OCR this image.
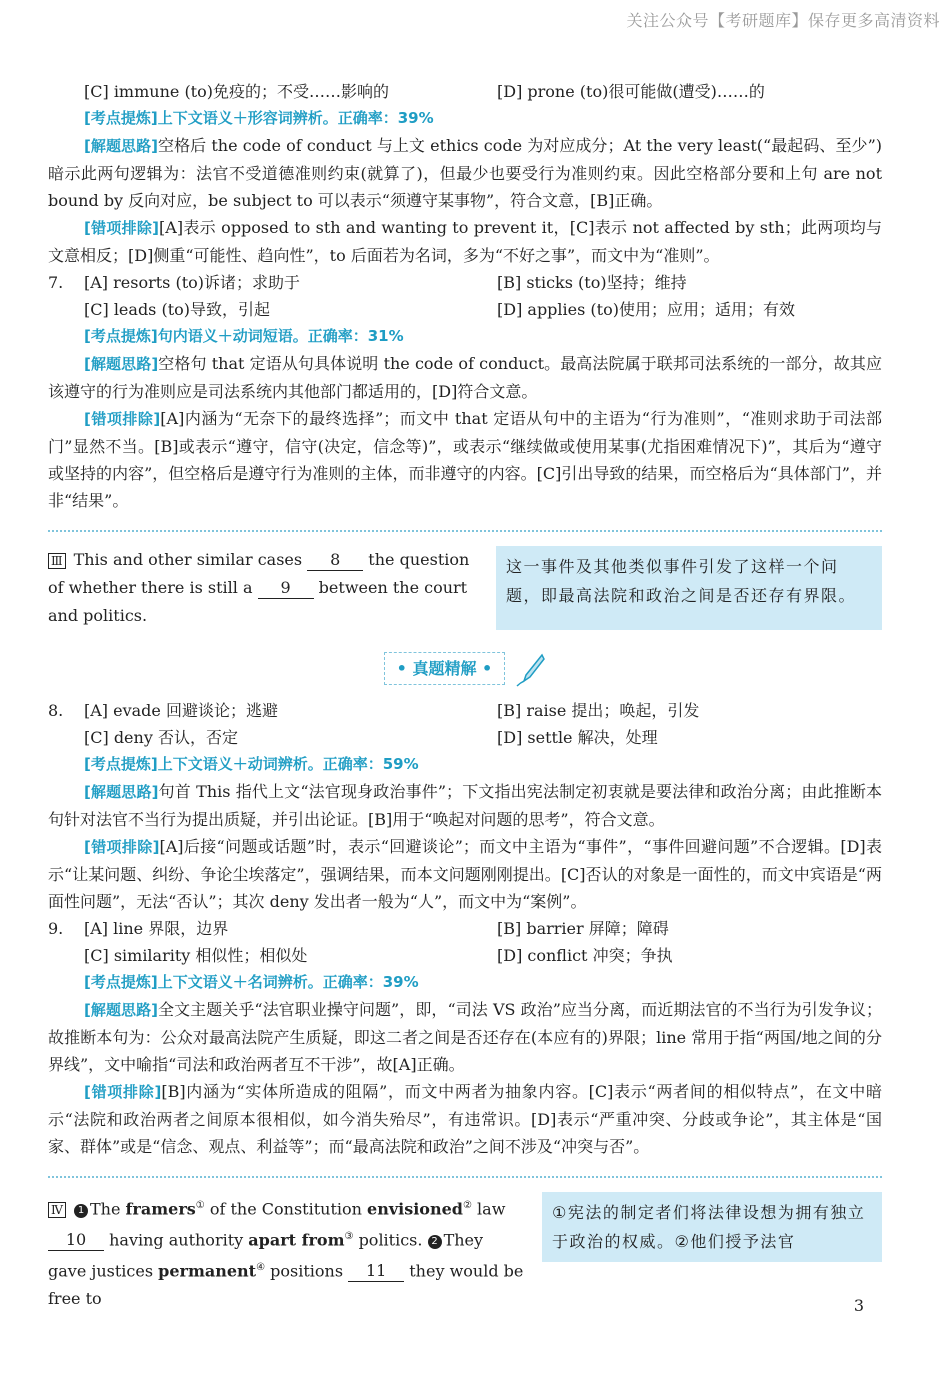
关注公众号【考研题库】保存更多高清资料
[C] immune (to)免疫的；不受……影响的	[D] prone (to)很可能做(遭受)……的
[考点提炼]上下文语义＋形容词辨析。正确率：39%
[解题思路]空格后 the code of conduct 与上文 ethics code 为对应成分；At the very least(“最起码、至少”)暗示此两句逻辑为：法官不受道德准则约束(就算了)，但最少也要受行为准则约束。因此空格部分要和上句 are not bound by 反向对应，be subject to 可以表示“须遵守某事物”，符合文意，[B]正确。
[错项排除][A]表示 opposed to sth and wanting to prevent it，[C]表示 not affected by sth；此两项均与文意相反；[D]侧重“可能性、趋向性”，to 后面若为名词，多为“不好之事”，而文中为“准则”。
7.	[A] resorts (to)诉诸；求助于	[B] sticks (to)坚持；维持
[C] leads (to)导致，引起	[D] applies (to)使用；应用；适用；有效
[考点提炼]句内语义＋动词短语。正确率：31%
[解题思路]空格句 that 定语从句具体说明 the code of conduct。最高法院属于联邦司法系统的一部分，故其应该遵守的行为准则应是司法系统内其他部门都适用的，[D]符合文意。
[错项排除][A]内涵为“无奈下的最终选择”；而文中 that 定语从句中的主语为“行为准则”，“准则求助于司法部门”显然不当。[B]或表示“遵守，信守(决定，信念等)”，或表示“继续做或使用某事(尤指困难情况下)”，其后为“遵守或坚持的内容”，但空格后是遵守行为准则的主体，而非遵守的内容。[C]引出导致的结果，而空格后为“具体部门”，并非“结果”。
Ⅲ This and other similar cases 8 the question of whether there is still a 9 between the court and politics.
这一事件及其他类似事件引发了这样一个问题，即最高法院和政治之间是否还存有界限。
• 真题精解 •
8.	[A] evade 回避谈论；逃避	[B] raise 提出；唤起，引发
[C] deny 否认，否定	[D] settle 解决，处理
[考点提炼]上下文语义＋动词辨析。正确率：59%
[解题思路]句首 This 指代上文“法官现身政治事件”；下文指出宪法制定初衷就是要法律和政治分离；由此推断本句针对法官不当行为提出质疑，并引出论证。[B]用于“唤起对问题的思考”，符合文意。
[错项排除][A]后接“问题或话题”时，表示“回避谈论”；而文中主语为“事件”，“事件回避问题”不合逻辑。[D]表示“让某问题、纠纷、争论尘埃落定”，强调结果，而本文问题刚刚提出。[C]否认的对象是一面性的，而文中宾语是“两面性问题”，无法“否认”；其次 deny 发出者一般为“人”，而文中为“案例”。
9.	[A] line 界限，边界	[B] barrier 屏障；障碍
[C] similarity 相似性；相似处	[D] conflict 冲突；争执
[考点提炼]上下文语义＋名词辨析。正确率：39%
[解题思路]全文主题关乎“法官职业操守问题”，即，“司法 VS 政治”应当分离，而近期法官的不当行为引发争议；故推断本句为：公众对最高法院产生质疑，即这二者之间是否还存在(本应有的)界限；line 常用于指“两国/地之间的分界线”，文中喻指“司法和政治两者互不干涉”，故[A]正确。
[错项排除][B]内涵为“实体所造成的阻隔”，而文中两者为抽象内容。[C]表示“两者间的相似特点”，在文中暗示“法院和政治两者之间原本很相似，如今消失殆尽”，有违常识。[D]表示“严重冲突、分歧或争论”，其主体是“国家、群体”或是“信念、观点、利益等”；而“最高法院和政治”之间不涉及“冲突与否”。
Ⅳ 1 The framers① of the Constitution envisioned② law 10 having authority apart from③ politics. 2 They gave justices permanent④ positions 11 they would be free to
①宪法的制定者们将法律设想为拥有独立于政治的权威。②他们授予法官
3
